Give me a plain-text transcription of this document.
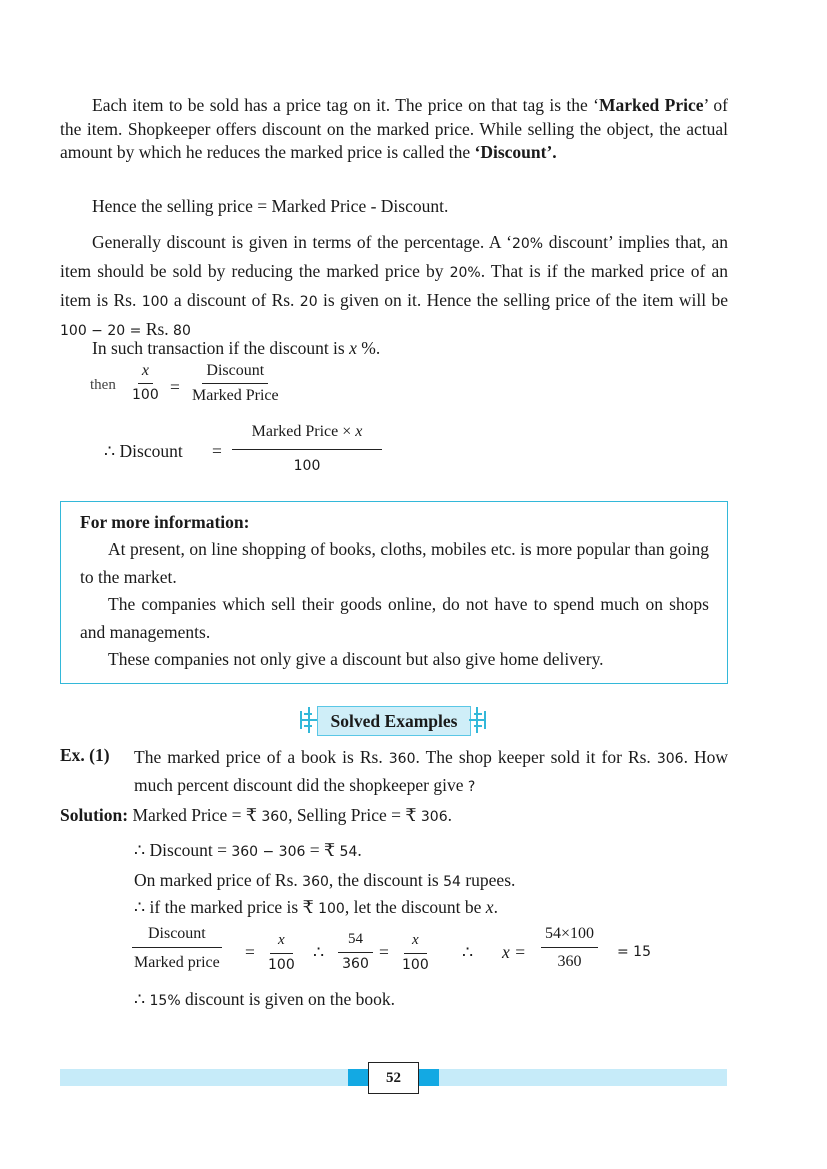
Each item to be sold has a price tag on it. The price on that tag is the ‘Marked Price’ of the item. Shopkeeper offers discount on the marked price. While selling the object, the actual amount by which he reduces the marked price is called the ‘Discount’.

Hence the selling price = Marked Price - Discount.

Generally discount is given in terms of the percentage. A ‘20% discount’ implies that, an item should be sold by reducing the marked price by 20%. That is if the marked price of an item is Rs. 100 a discount of Rs. 20 is given on it. Hence the selling price of the item will be 100 − 20 = Rs. 80

In such transaction if the discount is x %.
then $\frac{x}{100}$ =
Discount
Marked Price
∴ Discount =
Marked Price × x
100

For more information:

At present, on line shopping of books, cloths, mobiles etc. is more popular than going to the market.

The companies which sell their goods online, do not have to spend much on shops and managements.

These companies not only give a discount but also give home delivery.

Solved Examples
Ex. (1) The marked price of a book is Rs. 360. The shop keeper sold it for Rs. 306. How much percent discount did the shopkeeper give ?

Solution: Marked Price = ₹ 360, Selling Price = ₹ 306.
∴ Discount = 360 − 306 = ₹ 54.
On marked price of Rs. 360, the discount is 54 rupees.
∴ if the marked price is ₹ 100, let the discount be x.
Discount
Marked price
= $\frac{x}{100}$ ∴ $\frac{54}{360} = \frac{x}{100}$ ∴ $x = \frac{54\times 100}{360} = 15$
∴ 15% discount is given on the book.
52
